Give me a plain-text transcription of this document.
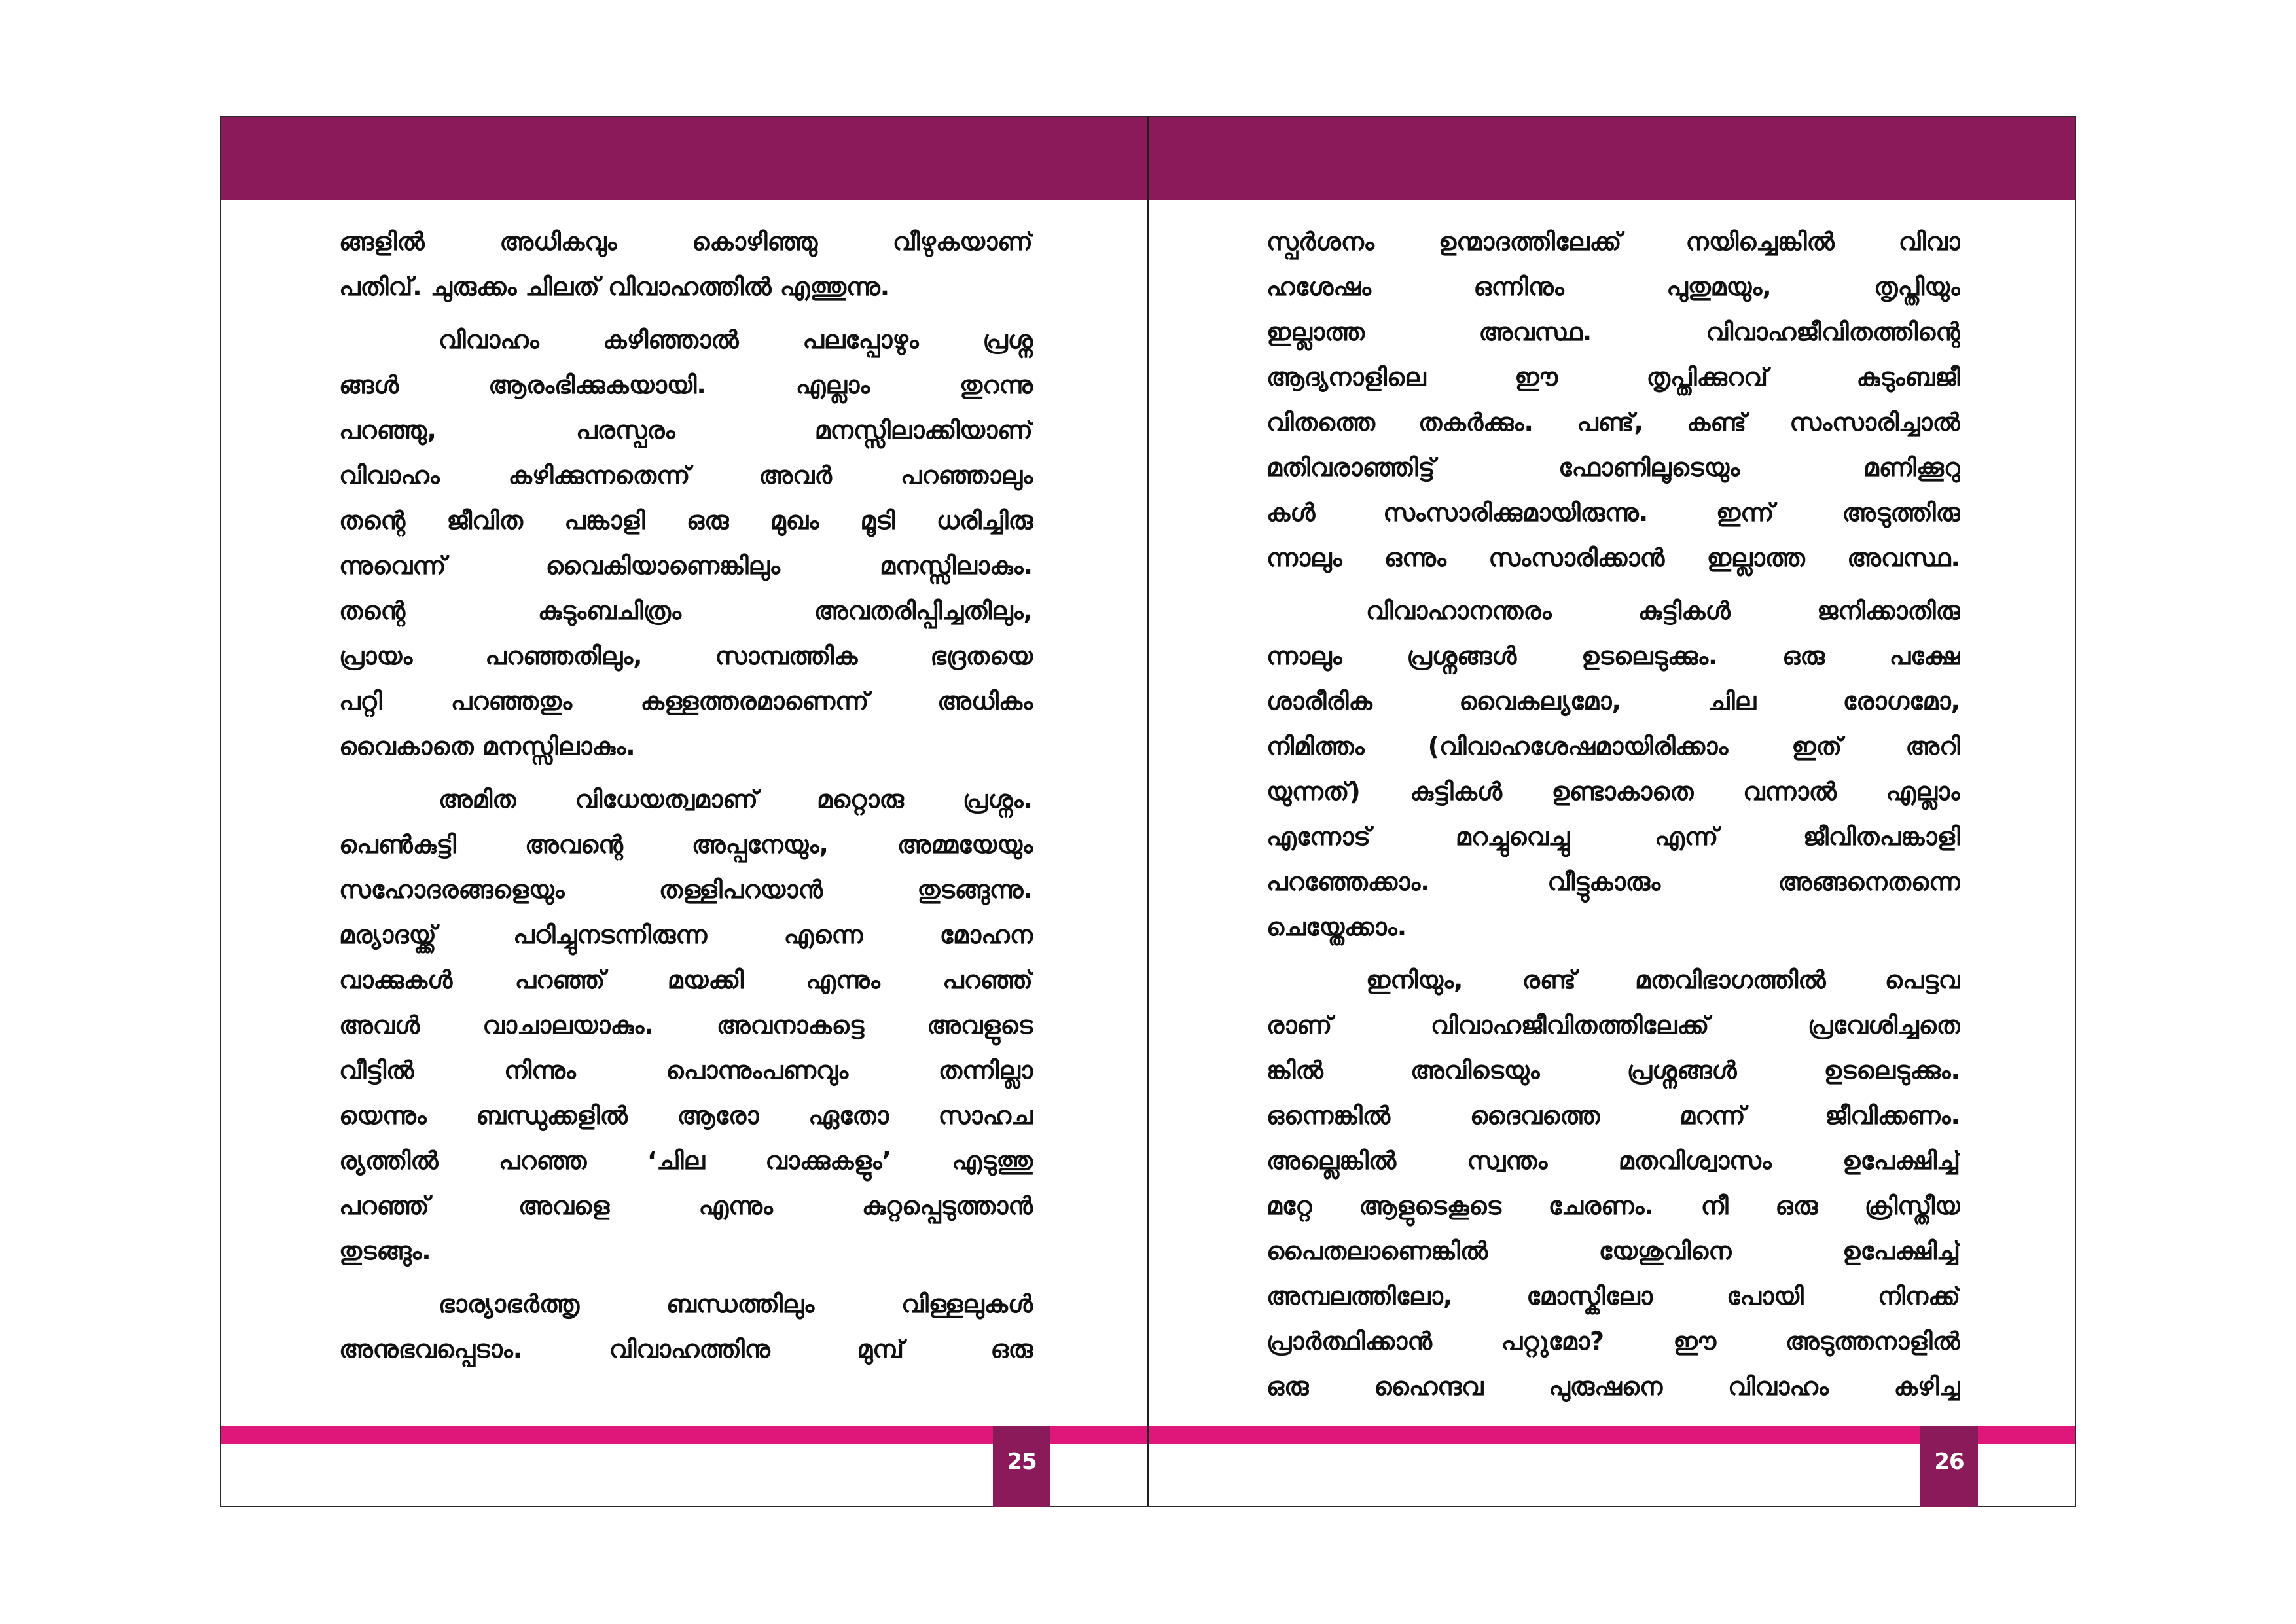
ങ്ങളിൽ അധികവും കൊഴിഞ്ഞു വീഴുകയാണ്
പതിവ്. ചുരുക്കം ചിലത് വിവാഹത്തിൽ എത്തുന്നു.
വിവാഹം കഴിഞ്ഞാൽ പലപ്പോഴും പ്രശ്ന
ങ്ങൾ ആരംഭിക്കുകയായി. എല്ലാം തുറന്നു
പറഞ്ഞു, പരസ്പരം മനസ്സിലാക്കിയാണ്
വിവാഹം കഴിക്കുന്നതെന്ന് അവർ പറഞ്ഞാലും
തന്റെ ജീവിത പങ്കാളി ഒരു മുഖം മൂടി ധരിച്ചിരു
ന്നുവെന്ന് വൈകിയാണെങ്കിലും മനസ്സിലാകും.
തന്റെ കുടുംബചിത്രം അവതരിപ്പിച്ചതിലും,
പ്രായം പറഞ്ഞതിലും, സാമ്പത്തിക ഭദ്രതയെ
പറ്റി പറഞ്ഞതും കള്ളത്തരമാണെന്ന് അധികം
വൈകാതെ മനസ്സിലാകും.
അമിത വിധേയത്വമാണ് മറ്റൊരു പ്രശ്നം.
പെൺകുട്ടി അവന്റെ അപ്പനേയും, അമ്മയേയും
സഹോദരങ്ങളെയും തള്ളിപറയാൻ തുടങ്ങുന്നു.
മര്യാദയ്ക്ക് പഠിച്ചുനടന്നിരുന്ന എന്നെ മോഹന
വാക്കുകൾ പറഞ്ഞ് മയക്കി എന്നും പറഞ്ഞ്
അവൾ വാചാലയാകും. അവനാകട്ടെ അവളുടെ
വീട്ടിൽ നിന്നും പൊന്നുംപണവും തന്നില്ലാ
യെന്നും ബന്ധുക്കളിൽ ആരോ ഏതോ സാഹച
ര്യത്തിൽ പറഞ്ഞ ‘ചില വാക്കുകളും’ എടുത്തു
പറഞ്ഞ് അവളെ എന്നും കുറ്റപ്പെടുത്താൻ
തുടങ്ങും.
ഭാര്യാഭർത്തൃ ബന്ധത്തിലും വിള്ളലുകൾ
അനുഭവപ്പെടാം. വിവാഹത്തിനു മുമ്പ് ഒരു
സ്പർശനം ഉന്മാദത്തിലേക്ക് നയിച്ചെങ്കിൽ വിവാ
ഹശേഷം ഒന്നിനും പുതുമയും, തൃപ്തിയും
ഇല്ലാത്ത അവസ്ഥ. വിവാഹജീവിതത്തിന്റെ
ആദ്യനാളിലെ ഈ തൃപ്തിക്കുറവ് കുടുംബജീ
വിതത്തെ തകർക്കും. പണ്ട്, കണ്ട് സംസാരിച്ചാൽ
മതിവരാഞ്ഞിട്ട് ഫോണിലൂടെയും മണിക്കൂറു
കൾ സംസാരിക്കുമായിരുന്നു. ഇന്ന് അടുത്തിരു
ന്നാലും ഒന്നും സംസാരിക്കാൻ ഇല്ലാത്ത അവസ്ഥ.
വിവാഹാനന്തരം കുട്ടികൾ ജനിക്കാതിരു
ന്നാലും പ്രശ്നങ്ങൾ ഉടലെടുക്കും. ഒരു പക്ഷേ
ശാരീരിക വൈകല്യമോ, ചില രോഗമോ,
നിമിത്തം (വിവാഹശേഷമായിരിക്കാം ഇത് അറി
യുന്നത്) കുട്ടികൾ ഉണ്ടാകാതെ വന്നാൽ എല്ലാം
എന്നോട് മറച്ചുവെച്ചു എന്ന് ജീവിതപങ്കാളി
പറഞ്ഞേക്കാം. വീട്ടുകാരും അങ്ങനെതന്നെ
ചെയ്തേക്കാം.
ഇനിയും, രണ്ട് മതവിഭാഗത്തിൽ പെട്ടവ
രാണ് വിവാഹജീവിതത്തിലേക്ക് പ്രവേശിച്ചതെ
ങ്കിൽ അവിടെയും പ്രശ്നങ്ങൾ ഉടലെടുക്കും.
ഒന്നെങ്കിൽ ദൈവത്തെ മറന്ന് ജീവിക്കണം.
അല്ലെങ്കിൽ സ്വന്തം മതവിശ്വാസം ഉപേക്ഷിച്ച്
മറ്റേ ആളുടെകൂടെ ചേരണം. നീ ഒരു ക്രിസ്തീയ
പൈതലാണെങ്കിൽ യേശുവിനെ ഉപേക്ഷിച്ച്
അമ്പലത്തിലോ, മോസ്കിലോ പോയി നിനക്ക്
പ്രാർത്ഥിക്കാൻ പറ്റുമോ? ഈ അടുത്തനാളിൽ
ഒരു ഹൈന്ദവ പുരുഷനെ വിവാഹം കഴിച്ച
25	26
